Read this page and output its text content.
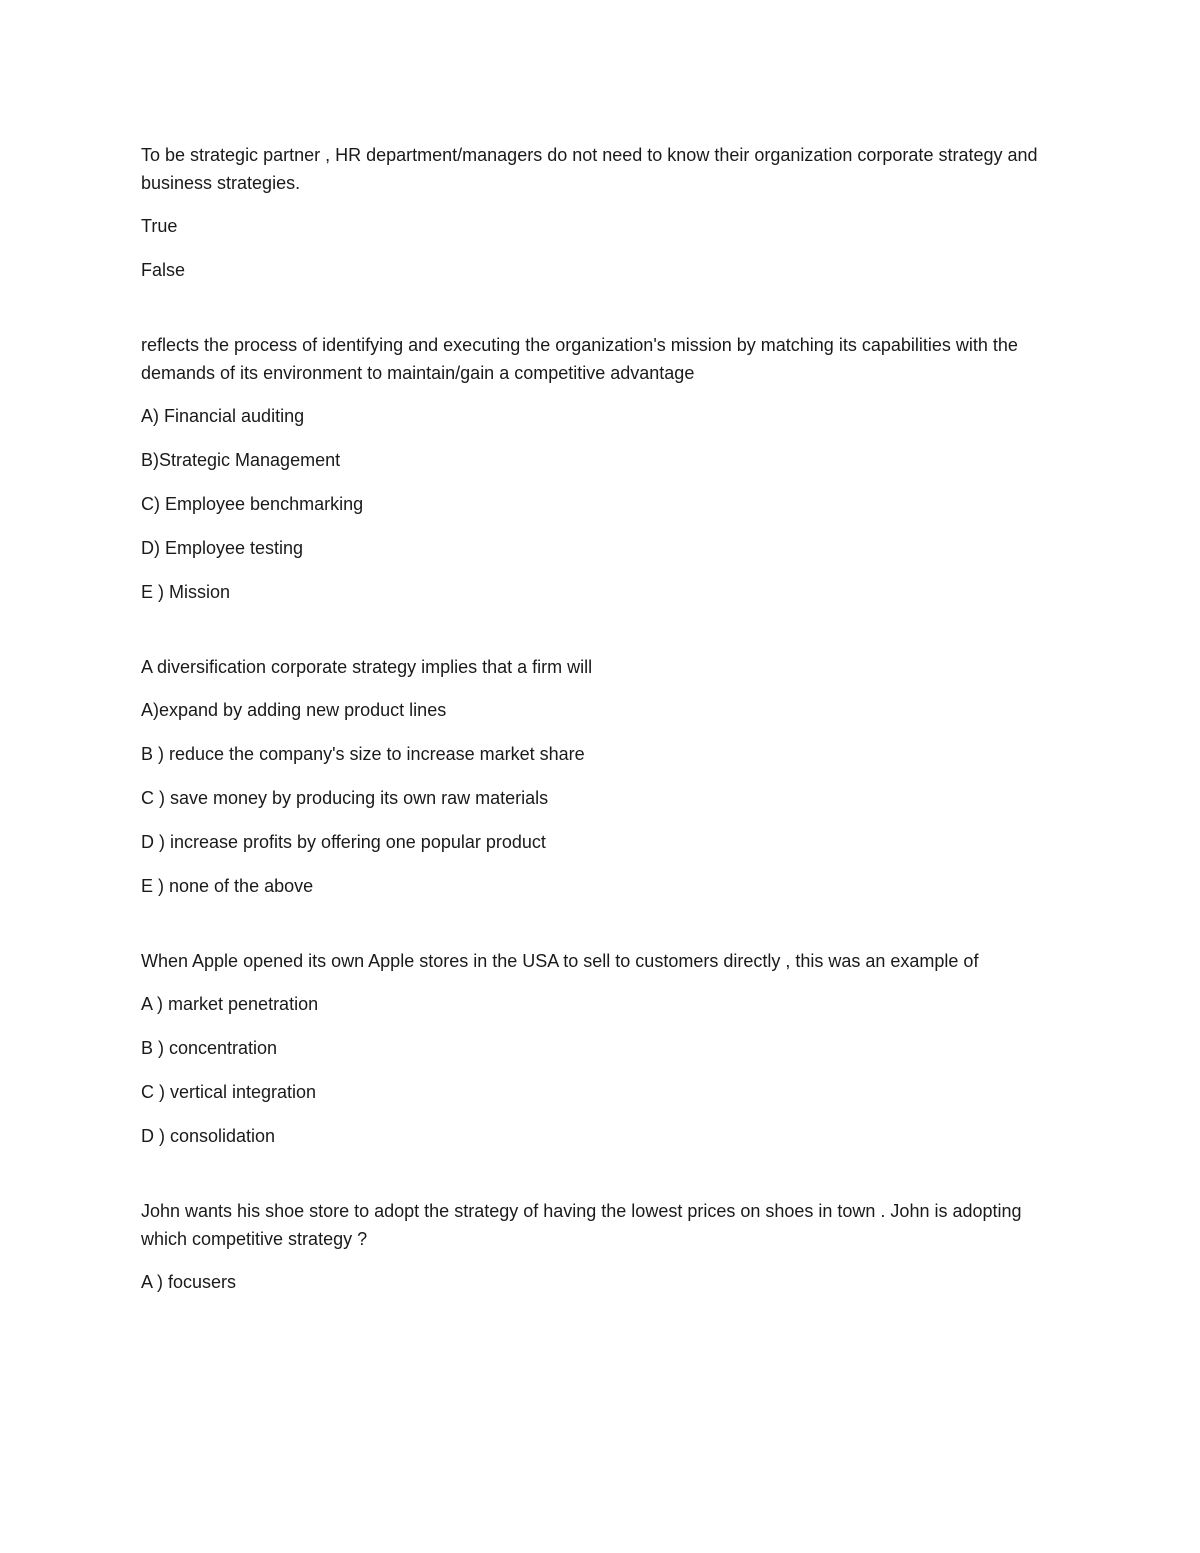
To be strategic partner , HR department/managers do not need to know their organization corporate strategy and business strategies.

True

False

reflects the process of identifying and executing the organization's mission by matching its capabilities with the demands of its environment to maintain/gain a competitive advantage

A) Financial auditing

B)Strategic Management

C) Employee benchmarking

D) Employee testing

E ) Mission

A diversification corporate strategy implies that a firm will

A)expand by adding new product lines

B ) reduce the company's size to increase market share

C ) save money by producing its own raw materials

D ) increase profits by offering one popular product

E ) none of the above

When Apple opened its own Apple stores in the USA to sell to customers directly , this was an example of

A ) market penetration

B ) concentration

C ) vertical integration

D ) consolidation

John wants his shoe store to adopt the strategy of having the lowest prices on shoes in town . John is adopting which competitive strategy ?

A ) focusers
